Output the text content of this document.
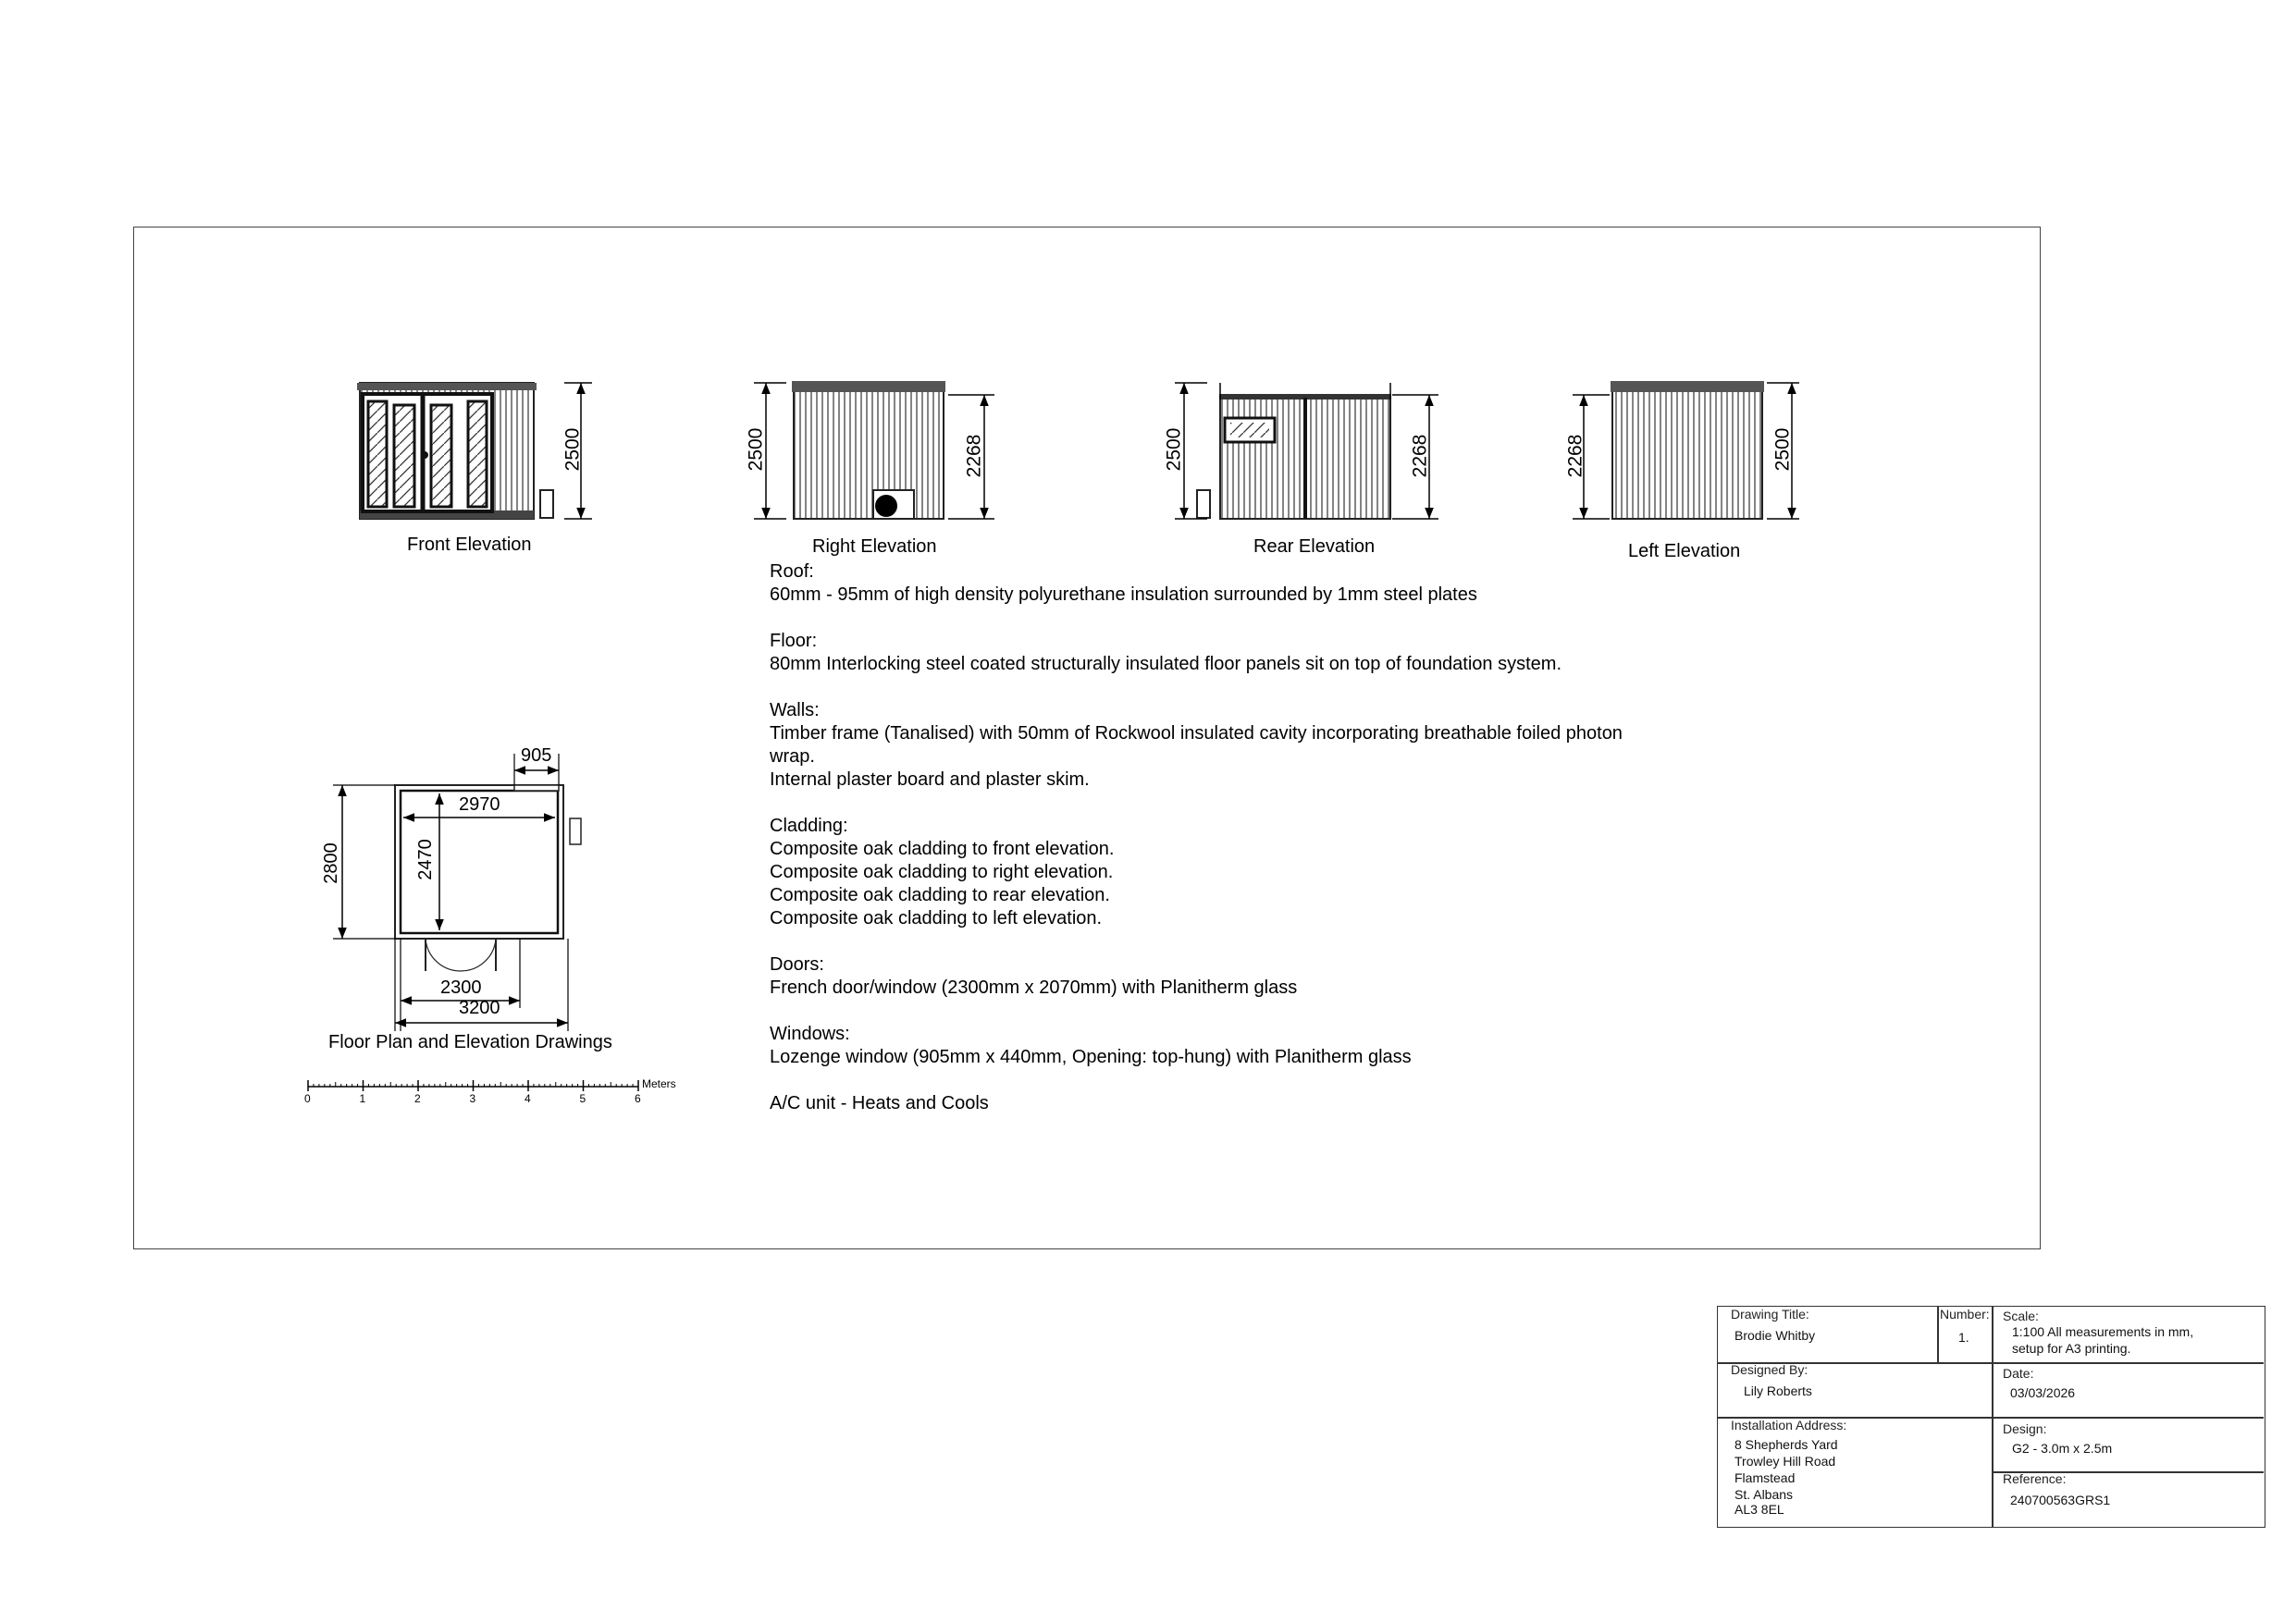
2500	2500	2268	2500	2268	2268	2500
Front Elevation	Right Elevation	Rear Elevation	Left Elevation
Floor Plan and Elevation Drawings
905
2970
2470
2800
2300
3200
0	1	2	3	4	5	6
Meters

Roof:

60mm - 95mm of high density polyurethane insulation surrounded by 1mm steel plates

Floor:

80mm Interlocking steel coated structurally insulated floor panels sit on top of foundation system.

Walls:

Timber frame (Tanalised) with 50mm of Rockwool insulated cavity incorporating breathable foiled photon

wrap.

Internal plaster board and plaster skim.

Cladding:

Composite oak cladding to front elevation.

Composite oak cladding to right elevation.

Composite oak cladding to rear elevation.

Composite oak cladding to left elevation.

Doors:

French door/window (2300mm x 2070mm) with Planitherm glass

Windows:

Lozenge window (905mm x 440mm, Opening: top-hung) with Planitherm glass

A/C unit - Heats and Cools

Drawing Title:
Brodie Whitby
Number:
1.
Scale:
1:100 All measurements in mm,
setup for A3 printing.
Designed By:
Lily Roberts
Date:
03/03/2026
Installation Address:
8 Shepherds Yard
Trowley Hill Road
Flamstead
St. Albans
AL3 8EL
Design:
G2 - 3.0m x 2.5m
Reference:
240700563GRS1
